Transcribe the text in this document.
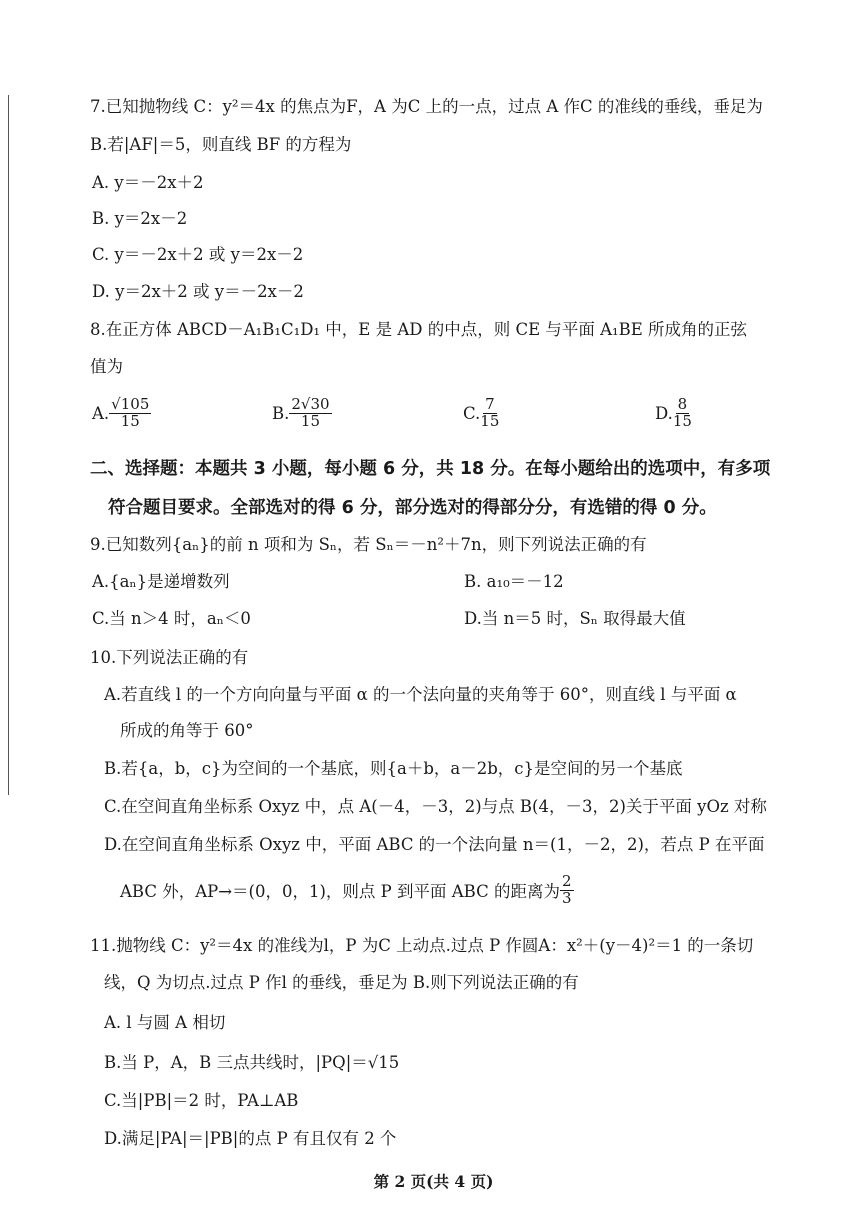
7.已知抛物线 C：y²＝4x 的焦点为F，A 为C 上的一点，过点 A 作C 的准线的垂线，垂足为
B.若|AF|＝5，则直线 BF 的方程为
A. y＝－2x＋2
B. y＝2x－2
C. y＝－2x＋2 或 y＝2x－2
D. y＝2x＋2 或 y＝－2x－2
8.在正方体 ABCD－A₁B₁C₁D₁ 中，E 是 AD 的中点，则 CE 与平面 A₁BE 所成角的正弦
值为
A. $\frac{√105}{15}$	B. $\frac{2√30}{15}$	C. $\frac{7}{15}$	D. $\frac{8}{15}$
二、选择题：本题共 3 小题，每小题 6 分，共 18 分。在每小题给出的选项中，有多项
符合题目要求。全部选对的得 6 分，部分选对的得部分分，有选错的得 0 分。
9.已知数列{aₙ}的前 n 项和为 Sₙ，若 Sₙ＝－n²＋7n，则下列说法正确的有
A.{aₙ}是递增数列	B. a₁₀＝－12
C.当 n＞4 时，aₙ＜0	D.当 n＝5 时，Sₙ 取得最大值
10.下列说法正确的有
A.若直线 l 的一个方向向量与平面 α 的一个法向量的夹角等于 60°，则直线 l 与平面 α
所成的角等于 60°
B.若{a，b，c}为空间的一个基底，则{a＋b，a－2b，c}是空间的另一个基底
C.在空间直角坐标系 Oxyz 中，点 A(－4，－3，2)与点 B(4，－3，2)关于平面 yOz 对称
D.在空间直角坐标系 Oxyz 中，平面 ABC 的一个法向量 n＝(1，－2，2)，若点 P 在平面
ABC 外，AP→＝(0，0，1)，则点 P 到平面 ABC 的距离为 $\frac{2}{3}$
11.抛物线 C：y²＝4x 的准线为l，P 为C 上动点.过点 P 作圆A：x²＋(y－4)²＝1 的一条切
线，Q 为切点.过点 P 作l 的垂线，垂足为 B.则下列说法正确的有
A. l 与圆 A 相切
B.当 P，A，B 三点共线时，|PQ|＝√15
C.当|PB|＝2 时，PA⊥AB
D.满足|PA|＝|PB|的点 P 有且仅有 2 个
第 2 页(共 4 页)
